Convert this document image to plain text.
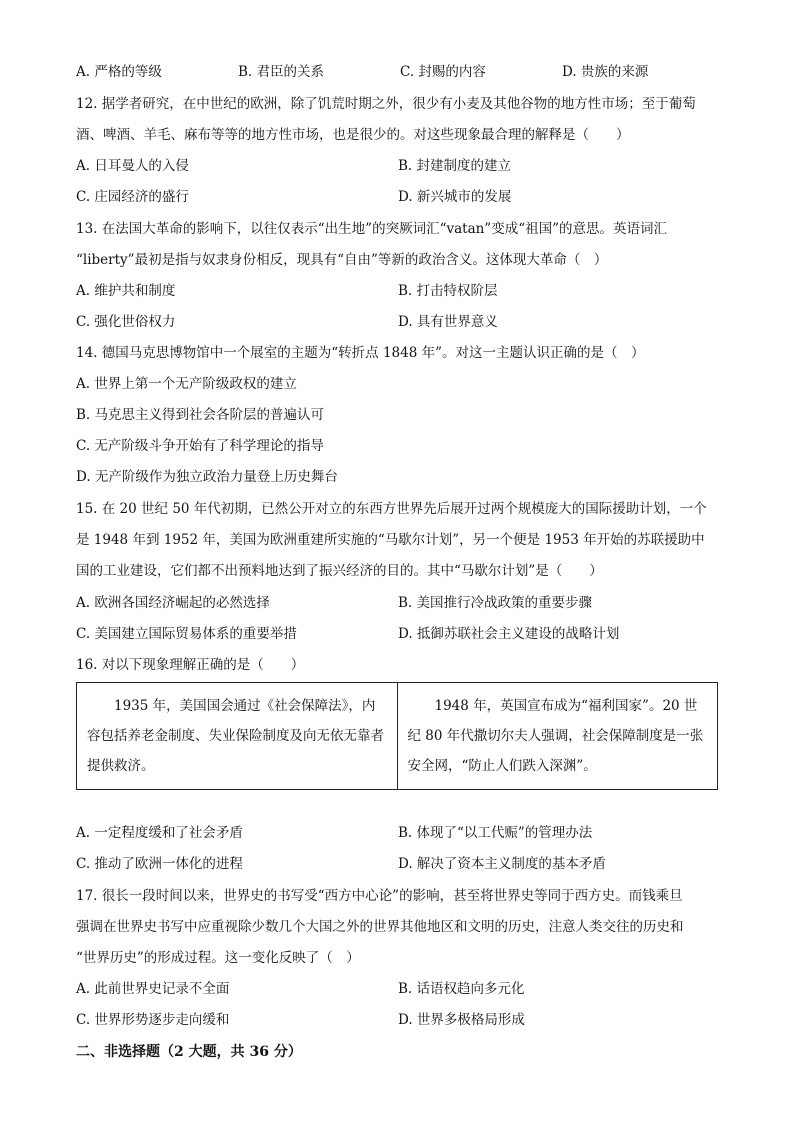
A. 严格的等级	B. 君臣的关系	C. 封赐的内容	D. 贵族的来源
12. 据学者研究，在中世纪的欧洲，除了饥荒时期之外，很少有小麦及其他谷物的地方性市场；至于葡萄
酒、啤酒、羊毛、麻布等等的地方性市场，也是很少的。对这些现象最合理的解释是（　　）
A. 日耳曼人的入侵	B. 封建制度的建立
C. 庄园经济的盛行	D. 新兴城市的发展
13. 在法国大革命的影响下，以往仅表示“出生地”的突厥词汇“vatan”变成“祖国”的意思。英语词汇
“liberty”最初是指与奴隶身份相反，现具有“自由”等新的政治含义。这体现大革命（　）
A. 维护共和制度	B. 打击特权阶层
C. 强化世俗权力	D. 具有世界意义
14. 德国马克思博物馆中一个展室的主题为“转折点 1848 年”。对这一主题认识正确的是（　）
A. 世界上第一个无产阶级政权的建立
B. 马克思主义得到社会各阶层的普遍认可
C. 无产阶级斗争开始有了科学理论的指导
D. 无产阶级作为独立政治力量登上历史舞台
15. 在 20 世纪 50 年代初期，已然公开对立的东西方世界先后展开过两个规模庞大的国际援助计划，一个
是 1948 年到 1952 年，美国为欧洲重建所实施的“马歇尔计划”，另一个便是 1953 年开始的苏联援助中
国的工业建设，它们都不出预料地达到了振兴经济的目的。其中“马歇尔计划”是（　　）
A. 欧洲各国经济崛起的必然选择	B. 美国推行冷战政策的重要步骤
C. 美国建立国际贸易体系的重要举措	D. 抵御苏联社会主义建设的战略计划
16. 对以下现象理解正确的是（　　）

1935 年，美国国会通过《社会保障法》，内容包括养老金制度、失业保险制度及向无依无靠者提供救济。

1948 年，英国宣布成为“福利国家”。20 世纪 80 年代撒切尔夫人强调，社会保障制度是一张安全网，“防止人们跌入深渊”。

A. 一定程度缓和了社会矛盾	B. 体现了“以工代赈”的管理办法
C. 推动了欧洲一体化的进程	D. 解决了资本主义制度的基本矛盾
17. 很长一段时间以来，世界史的书写受“西方中心论”的影响，甚至将世界史等同于西方史。而钱乘旦
强调在世界史书写中应重视除少数几个大国之外的世界其他地区和文明的历史，注意人类交往的历史和
“世界历史”的形成过程。这一变化反映了（　）
A. 此前世界史记录不全面	B. 话语权趋向多元化
C. 世界形势逐步走向缓和	D. 世界多极格局形成
二、非选择题（2 大题，共 36 分）
